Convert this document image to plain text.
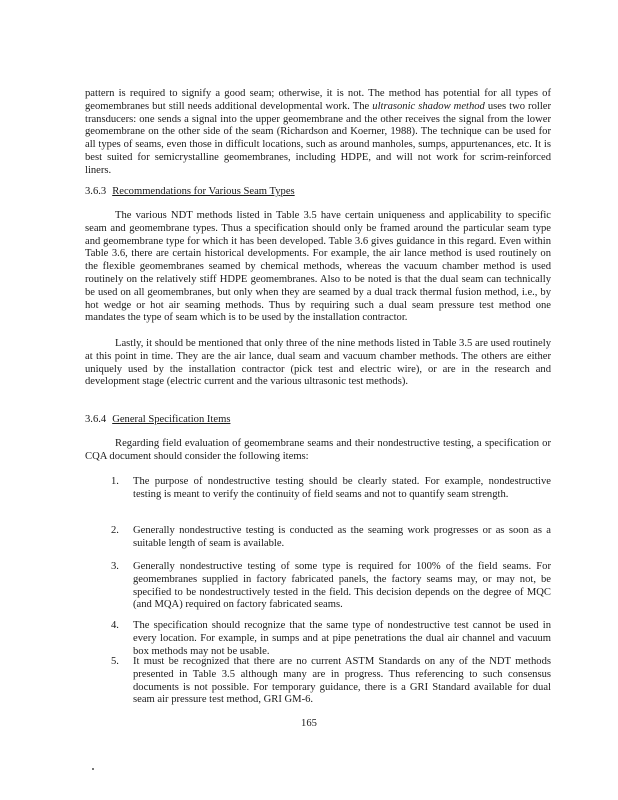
pattern is required to signify a good seam; otherwise, it is not. The method has potential for all types of geomembranes but still needs additional developmental work. The ultrasonic shadow method uses two roller transducers: one sends a signal into the upper geomembrane and the other receives the signal from the lower geomembrane on the other side of the seam (Richardson and Koerner, 1988). The technique can be used for all types of seams, even those in difficult locations, such as around manholes, sumps, appurtenances, etc. It is best suited for semicrystalline geomembranes, including HDPE, and will not work for scrim-reinforced liners.

3.6.3 Recommendations for Various Seam Types

The various NDT methods listed in Table 3.5 have certain uniqueness and applicability to specific seam and geomembrane types. Thus a specification should only be framed around the particular seam type and geomembrane type for which it has been developed. Table 3.6 gives guidance in this regard. Even within Table 3.6, there are certain historical developments. For example, the air lance method is used routinely on the flexible geomembranes seamed by chemical methods, whereas the vacuum chamber method is used routinely on the relatively stiff HDPE geomembranes. Also to be noted is that the dual seam can technically be used on all geomembranes, but only when they are seamed by a dual track thermal fusion method, i.e., by hot wedge or hot air seaming methods. Thus by requiring such a dual seam pressure test method one mandates the type of seam which is to be used by the installation contractor.

Lastly, it should be mentioned that only three of the nine methods listed in Table 3.5 are used routinely at this point in time. They are the air lance, dual seam and vacuum chamber methods. The others are either uniquely used by the installation contractor (pick test and electric wire), or are in the research and development stage (electric current and the various ultrasonic test methods).

3.6.4 General Specification Items

Regarding field evaluation of geomembrane seams and their nondestructive testing, a specification or CQA document should consider the following items:

1. The purpose of nondestructive testing should be clearly stated. For example, nondestructive testing is meant to verify the continuity of field seams and not to quantify seam strength.
2. Generally nondestructive testing is conducted as the seaming work progresses or as soon as a suitable length of seam is available.
3. Generally nondestructive testing of some type is required for 100% of the field seams. For geomembranes supplied in factory fabricated panels, the factory seams may, or may not, be specified to be nondestructively tested in the field. This decision depends on the degree of MQC (and MQA) required on factory fabricated seams.
4. The specification should recognize that the same type of nondestructive test cannot be used in every location. For example, in sumps and at pipe penetrations the dual air channel and vacuum box methods may not be usable.
5. It must be recognized that there are no current ASTM Standards on any of the NDT methods presented in Table 3.5 although many are in progress. Thus referencing to such consensus documents is not possible. For temporary guidance, there is a GRI Standard available for dual seam air pressure test method, GRI GM-6.
165
